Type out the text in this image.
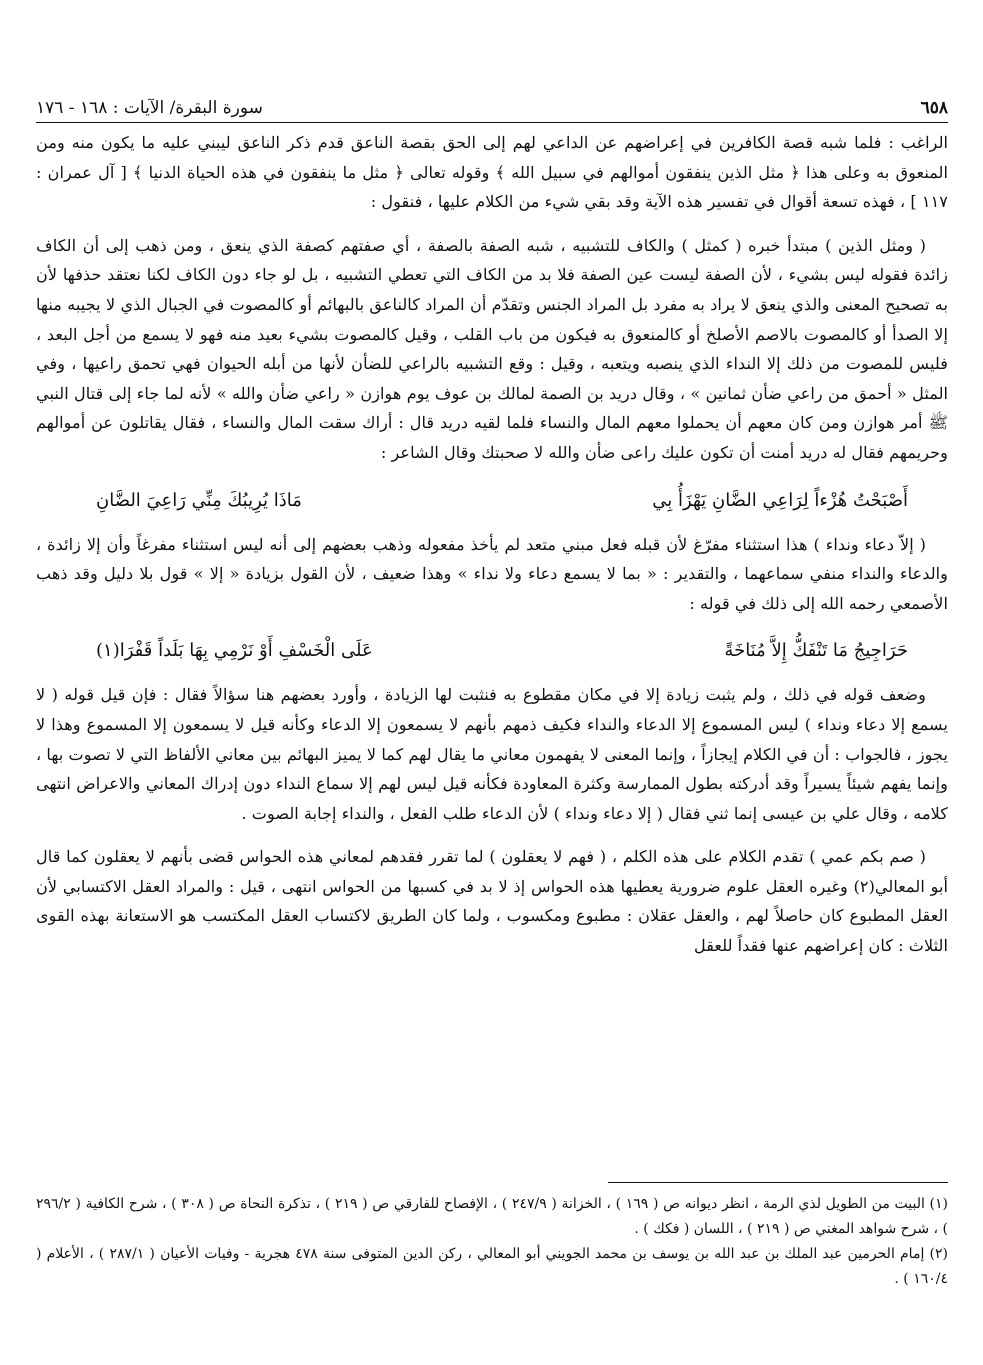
٦٥٨
سورة البقرة/ الآيات : ١٦٨ - ١٧٦

الراغب : فلما شبه قصة الكافرين في إعراضهم عن الداعي لهم إلى الحق بقصة الناعق قدم ذكر الناعق ليبني عليه ما يكون منه ومن المنعوق به وعلى هذا ﴿ مثل الذين ينفقون أموالهم في سبيل الله ﴾ وقوله تعالى ﴿ مثل ما ينفقون في هذه الحياة الدنيا ﴾ [ آل عمران : ١١٧ ] ، فهذه تسعة أقوال في تفسير هذه الآية وقد بقي شيء من الكلام عليها ، فنقول :

( ومثل الذين ) مبتدأ خبره ( كمثل ) والكاف للتشبيه ، شبه الصفة بالصفة ، أي صفتهم كصفة الذي ينعق ، ومن ذهب إلى أن الكاف زائدة فقوله ليس بشيء ، لأن الصفة ليست عين الصفة فلا بد من الكاف التي تعطي التشبيه ، بل لو جاء دون الكاف لكنا نعتقد حذفها لأن به تصحيح المعنى والذي ينعق لا يراد به مفرد بل المراد الجنس وتقدّم أن المراد كالناعق بالبهائم أو كالمصوت في الجبال الذي لا يجيبه منها إلا الصدأ أو كالمصوت بالاصم الأصلخ أو كالمنعوق به فيكون من باب القلب ، وقيل كالمصوت بشيء بعيد منه فهو لا يسمع من أجل البعد ، فليس للمصوت من ذلك إلا النداء الذي ينصبه ويتعبه ، وقيل : وقع التشبيه بالراعي للضأن لأنها من أبله الحيوان فهي تحمق راعيها ، وفي المثل « أحمق من راعي ضأن ثمانين » ، وقال دريد بن الصمة لمالك بن عوف يوم هوازن « راعي ضأن والله » لأنه لما جاء إلى قتال النبي ﷺ أمر هوازن ومن كان معهم أن يحملوا معهم المال والنساء فلما لقيه دريد قال : أراك سقت المال والنساء ، فقال يقاتلون عن أموالهم وحريمهم فقال له دريد أمنت أن تكون عليك راعى ضأن والله لا صحبتك وقال الشاعر :

أَصْبَحْتُ هُزْءاً لِرَاعِي الضَّانِ يَهْزَأُ بِي
مَاذَا يُرِيبُكَ مِنِّي رَاعِيَ الضَّانِ

( إلاّ دعاء ونداء ) هذا استثناء مفرّغ لأن قبله فعل مبني متعد لم يأخذ مفعوله وذهب بعضهم إلى أنه ليس استثناء مفرغاً وأن إلا زائدة ، والدعاء والنداء منفي سماعهما ، والتقدير : « بما لا يسمع دعاء ولا نداء » وهذا ضعيف ، لأن القول بزيادة « إلا » قول بلا دليل وقد ذهب الأصمعي رحمه الله إلى ذلك في قوله :

حَرَاجِيجُ مَا تَنْفَكُّ إِلاَّ مُنَاخَةً
عَلَى الْخَسْفِ أَوْ نَرْمِي بِهَا بَلَداً قَفْرَا(١)

وضعف قوله في ذلك ، ولم يثبت زيادة إلا في مكان مقطوع به فنثبت لها الزيادة ، وأورد بعضهم هنا سؤالاً فقال : فإن قيل قوله ( لا يسمع إلا دعاء ونداء ) ليس المسموع إلا الدعاء والنداء فكيف ذمهم بأنهم لا يسمعون إلا الدعاء وكأنه قيل لا يسمعون إلا المسموع وهذا لا يجوز ، فالجواب : أن في الكلام إيجازاً ، وإنما المعنى لا يفهمون معاني ما يقال لهم كما لا يميز البهائم بين معاني الألفاظ التي لا تصوت بها ، وإنما يفهم شيئاً يسيراً وقد أدركته بطول الممارسة وكثرة المعاودة فكأنه قيل ليس لهم إلا سماع النداء دون إدراك المعاني والاعراض انتهى كلامه ، وقال علي بن عيسى إنما ثني فقال ( إلا دعاء ونداء ) لأن الدعاء طلب الفعل ، والنداء إجابة الصوت .

( صم بكم عمي ) تقدم الكلام على هذه الكلم ، ( فهم لا يعقلون ) لما تقرر فقدهم لمعاني هذه الحواس قضى بأنهم لا يعقلون كما قال أبو المعالي(٢) وغيره العقل علوم ضرورية يعطيها هذه الحواس إذ لا بد في كسبها من الحواس انتهى ، قيل : والمراد العقل الاكتسابي لأن العقل المطبوع كان حاصلاً لهم ، والعقل عقلان : مطبوع ومكسوب ، ولما كان الطريق لاكتساب العقل المكتسب هو الاستعانة بهذه القوى الثلاث : كان إعراضهم عنها فقداً للعقل

(١) البيت من الطويل لذي الرمة ، انظر ديوانه ص ( ١٦٩ ) ، الخزانة ( ٢٤٧/٩ ) ، الإفصاح للفارقي ص ( ٢١٩ ) ، تذكرة النحاة ص ( ٣٠٨ ) ، شرح الكافية ( ٢٩٦/٢ ) ، شرح شواهد المغني ص ( ٢١٩ ) ، اللسان ( فكك ) .

(٢) إمام الحرمين عبد الملك بن عبد الله بن يوسف بن محمد الجويني أبو المعالي ، ركن الدين المتوفى سنة ٤٧٨ هجرية - وفيات الأعيان ( ٢٨٧/١ ) ، الأعلام ( ١٦٠/٤ ) .
